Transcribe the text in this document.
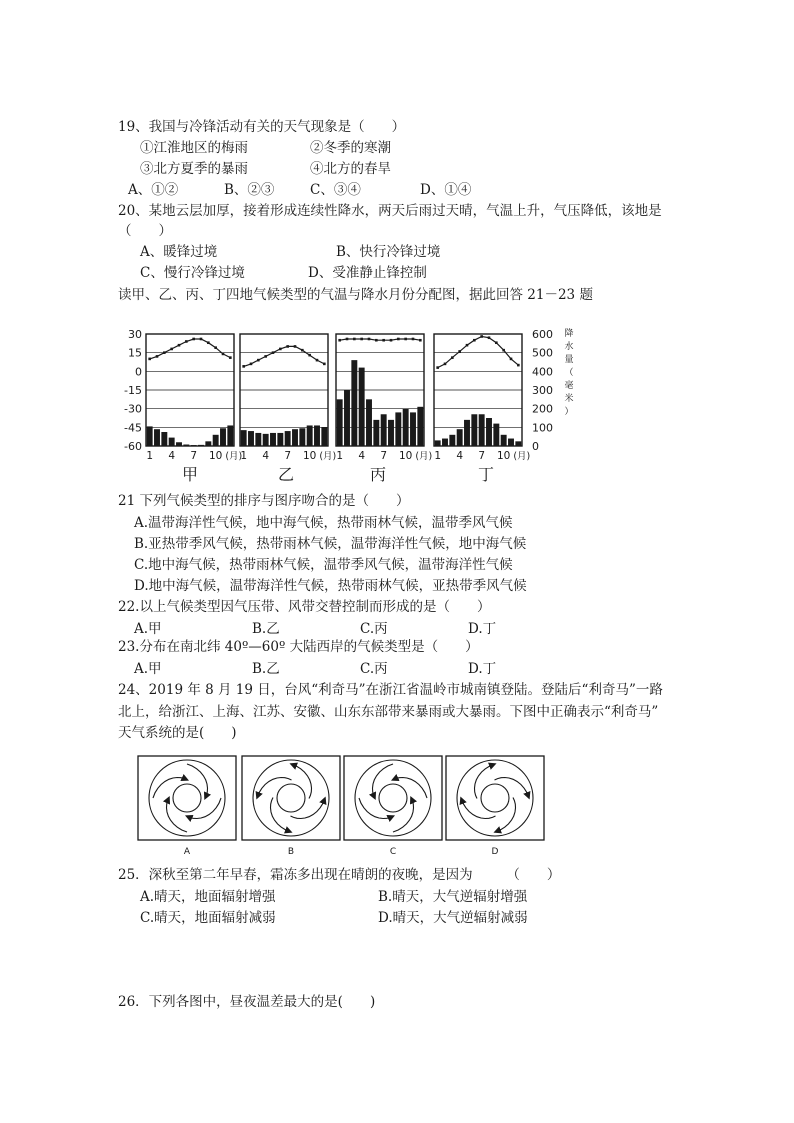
19、我国与冷锋活动有关的天气现象是（　　）
①江淮地区的梅雨	②冬季的寒潮
③北方夏季的暴雨	④北方的春旱
A、①②	B、②③	C、③④	D、①④
20、某地云层加厚，接着形成连续性降水，两天后雨过天晴，气温上升，气压降低，该地是
（　　）
A、暖锋过境	B、快行冷锋过境
C、慢行冷锋过境	D、受准静止锋控制
读甲、乙、丙、丁四地气候类型的气温与降水月份分配图，据此回答 21－23 题
30
15
0
-15
-30
-45
-60
600
500
400
300
200
100
0
降
水
量
（
毫
米
）
1 4 7 10 (月)
1 4 7 10 (月) 1 4 7 10 (月) 1 4 7 10 (月)
甲	乙	丙	丁
21 下列气候类型的排序与图序吻合的是（　　）
A.温带海洋性气候，地中海气候，热带雨林气候，温带季风气候
B.亚热带季风气候，热带雨林气候，温带海洋性气候，地中海气候
C.地中海气候，热带雨林气候，温带季风气候，温带海洋性气候
D.地中海气候，温带海洋性气候，热带雨林气候，亚热带季风气候
22.以上气候类型因气压带、风带交替控制而形成的是（　　）
A.甲	B.乙	C.丙	D.丁
23.分布在南北纬 40º—60º 大陆西岸的气候类型是（　　）
A.甲	B.乙	C.丙	D.丁
24、2019 年 8 月 19 日，台风“利奇马”在浙江省温岭市城南镇登陆。登陆后“利奇马”一路
北上，给浙江、上海、江苏、安徽、山东东部带来暴雨或大暴雨。下图中正确表示“利奇马”
天气系统的是(　　)
A	B	C	D
25．深秋至第二年早春，霜冻多出现在晴朗的夜晚，是因为　　　（　　）
A.晴天，地面辐射增强	B.晴天，大气逆辐射增强
C.晴天，地面辐射减弱	D.晴天，大气逆辐射减弱
26．下列各图中，昼夜温差最大的是(　　)
